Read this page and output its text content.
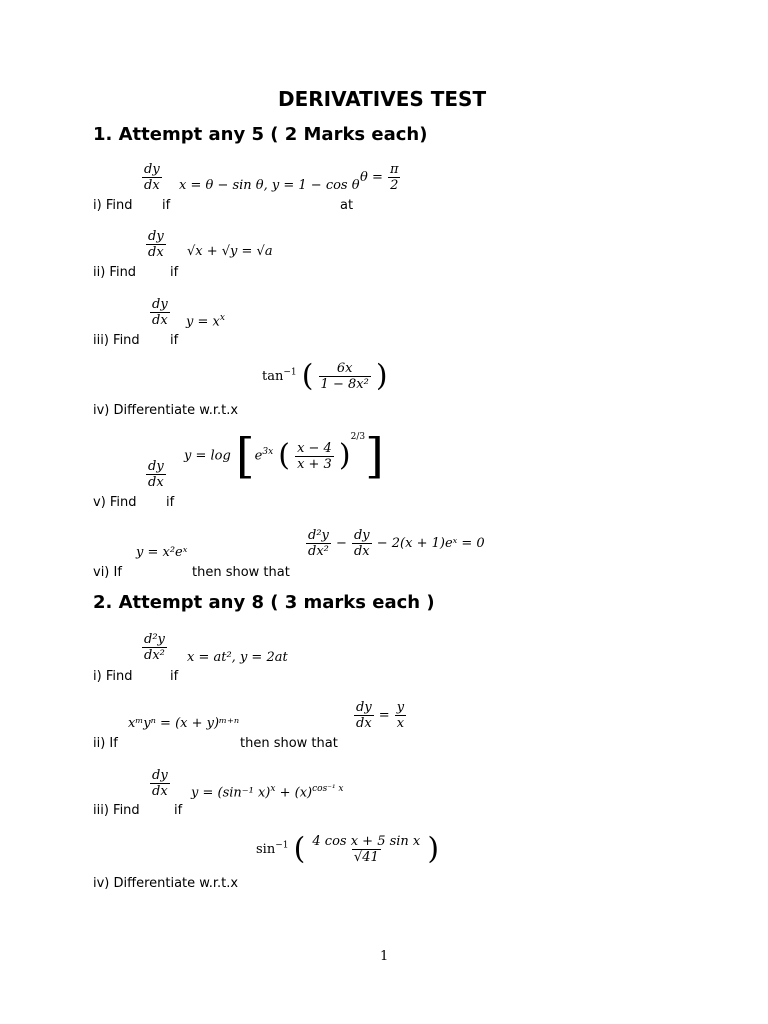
DERIVATIVES TEST
1. Attempt any 5 ( 2 Marks each)
$\frac{dy}{dx}$ x = θ − sin θ, y = 1 − cos θ
$\theta = \frac{\pi}{2}$
i) Find if	at
$\frac{dy}{dx} √x + √y = √a$
ii) Find	if
$\frac{dy}{dx}$ $y = x^x$
iii) Find if
$\tan^{-1}$ ( $\frac{6x}{\text{1 − 8x²}}$ )
iv) Differentiate w.r.t.x
$\frac{dy}{dx}$
$y = \log [e^{3x}$ ( $\frac{x - 4}{x + 3} )^{2/3}$]
v) Find if
y = x²eˣ	$\frac{\text{d²y}}{\text{dx²}} - \frac{dy}{dx} - 2(x$ + 1)eˣ = 0
vi) If	then show that
2. Attempt any 8 ( 3 marks each )
$\frac{\text{d²y}}{\text{dx²}}$ x = at², y = 2at
i) Find	if
xᵐyⁿ = (x + y)ᵐ⁺ⁿ	$\frac{dy}{dx} = \frac{y}{x}$
ii) If	then show that
$\frac{dy}{dx}$ y = (sin⁻¹ $x)^x + (x)^{cos^{-1} x}$
iii) Find	if
$\sin^{-1}$ ( $\frac{\text{4 cos x + 5 sin x}}{√41}$ )
iv) Differentiate w.r.t.x
1
